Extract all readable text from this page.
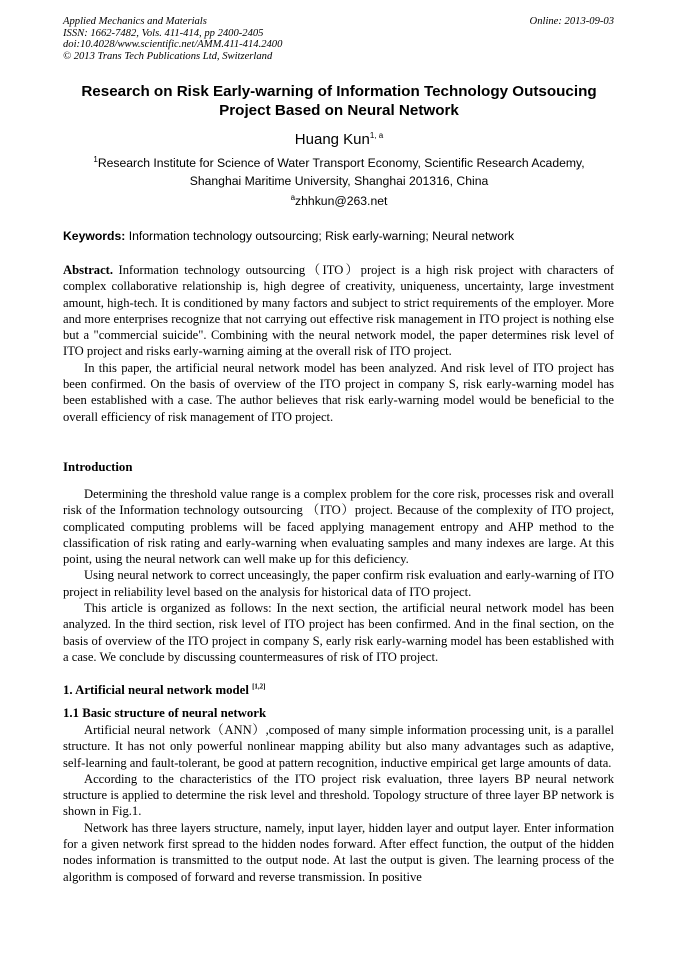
Applied Mechanics and Materials
ISSN: 1662-7482, Vols. 411-414, pp 2400-2405
doi:10.4028/www.scientific.net/AMM.411-414.2400
© 2013 Trans Tech Publications Ltd, Switzerland
Online: 2013-09-03
Research on Risk Early-warning of Information Technology Outsoucing
Project Based on Neural Network
Huang Kun$^{1, a}$
$^1$Research Institute for Science of Water Transport Economy, Scientific Research Academy,
Shanghai Maritime University, Shanghai 201316, China
$^a$zhhkun@263.net
Keywords: Information technology outsourcing; Risk early-warning; Neural network

Abstract. Information technology outsourcing（ITO）project is a high risk project with characters of complex collaborative relationship is, high degree of creativity, uniqueness, uncertainty, large investment amount, high-tech. It is conditioned by many factors and subject to strict requirements of the employer. More and more enterprises recognize that not carrying out effective risk management in ITO project is nothing else but a "commercial suicide". Combining with the neural network model, the paper determines risk level of ITO project and risks early-warning aiming at the overall risk of ITO project.

In this paper, the artificial neural network model has been analyzed. And risk level of ITO project has been confirmed. On the basis of overview of the ITO project in company S, risk early-warning model has been established with a case. The author believes that risk early-warning model would be beneficial to the overall efficiency of risk management of ITO project.

Introduction

Determining the threshold value range is a complex problem for the core risk, processes risk and overall risk of the Information technology outsourcing （ITO）project. Because of the complexity of ITO project, complicated computing problems will be faced applying management entropy and AHP method to the classification of risk rating and early-warning when evaluating samples and many indexes are large. At this point, using the neural network can well make up for this deficiency.

Using neural network to correct unceasingly, the paper confirm risk evaluation and early-warning of ITO project in reliability level based on the analysis for historical data of ITO project.

This article is organized as follows: In the next section, the artificial neural network model has been analyzed. In the third section, risk level of ITO project has been confirmed. And in the final section, on the basis of overview of the ITO project in company S, early risk early-warning model has been established with a case. We conclude by discussing countermeasures of risk of ITO project.

1. Artificial neural network model [1,2]
1.1 Basic structure of neural network

Artificial neural network（ANN）,composed of many simple information processing unit, is a parallel structure. It has not only powerful nonlinear mapping ability but also many advantages such as adaptive, self-learning and fault-tolerant, be good at pattern recognition, inductive empirical get large amounts of data.

According to the characteristics of the ITO project risk evaluation, three layers BP neural network structure is applied to determine the risk level and threshold. Topology structure of three layer BP network is shown in Fig.1.

Network has three layers structure, namely, input layer, hidden layer and output layer. Enter information for a given network first spread to the hidden nodes forward. After effect function, the output of the hidden nodes information is transmitted to the output node. At last the output is given. The learning process of the algorithm is composed of forward and reverse transmission. In positive
